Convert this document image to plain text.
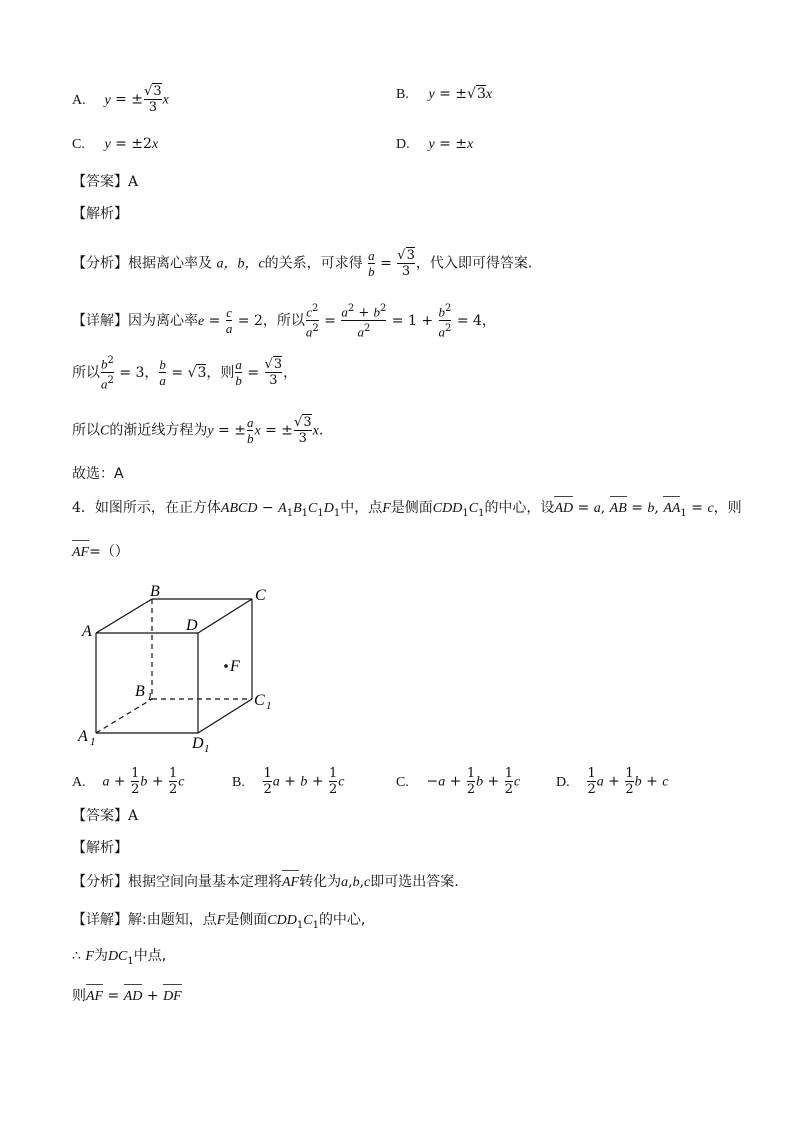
A. y = ± $\frac{√3}{3}$ x	B. y = ±√3x
C. y = ±2x	D. y = ±x
【答案】A
【解析】
【分析】根据离心率及 a，b，c的关系，可求得 $\frac{a}{b} = \frac{√3}{3}$ ，代入即可得答案.
【详解】因为离心率$e = \frac{c}{a} = 2$，所以 $\frac{c^2}{a^2} = \frac{a^2 + b^2}{a^2} = 1 + \frac{b^2}{a^2} = 4$，
所以 $\frac{b^2}{a^2} = 3$， $\frac{b}{a} = √3$，则 $\frac{a}{b} = \frac{√3}{3}$ ，
所以C的渐近线方程为y = ± $\frac{a}{b}$ x = ± $\frac{√3}{3} x$.
故选：A
4．如图所示，在正方体ABCD − $A_1B_1C_1D_1$中，点F是侧面$CDD_1C_1$的中心，设AD = a, AB = b, $AA_1 = c$，则
AF=（）
B	C
A	D
F
B 1	C 1
A 1	D 1
A. $a + \frac{1}{2}$ $b + \frac{1}{2}$ c	B. $\frac{1}{2}$ $a + b + \frac{1}{2}$ c	C. $-a + \frac{1}{2}$ $b + \frac{1}{2}$ c	D. $\frac{1}{2}$ $a + \frac{1}{2}$ b + c
【答案】A
【解析】
【分析】根据空间向量基本定理将AF转化为a,b,c即可选出答案.
【详解】解:由题知，点F是侧面$CDD_1C_1$的中心,
∴ F为$DC_1$中点,
则AF = AD + DF
